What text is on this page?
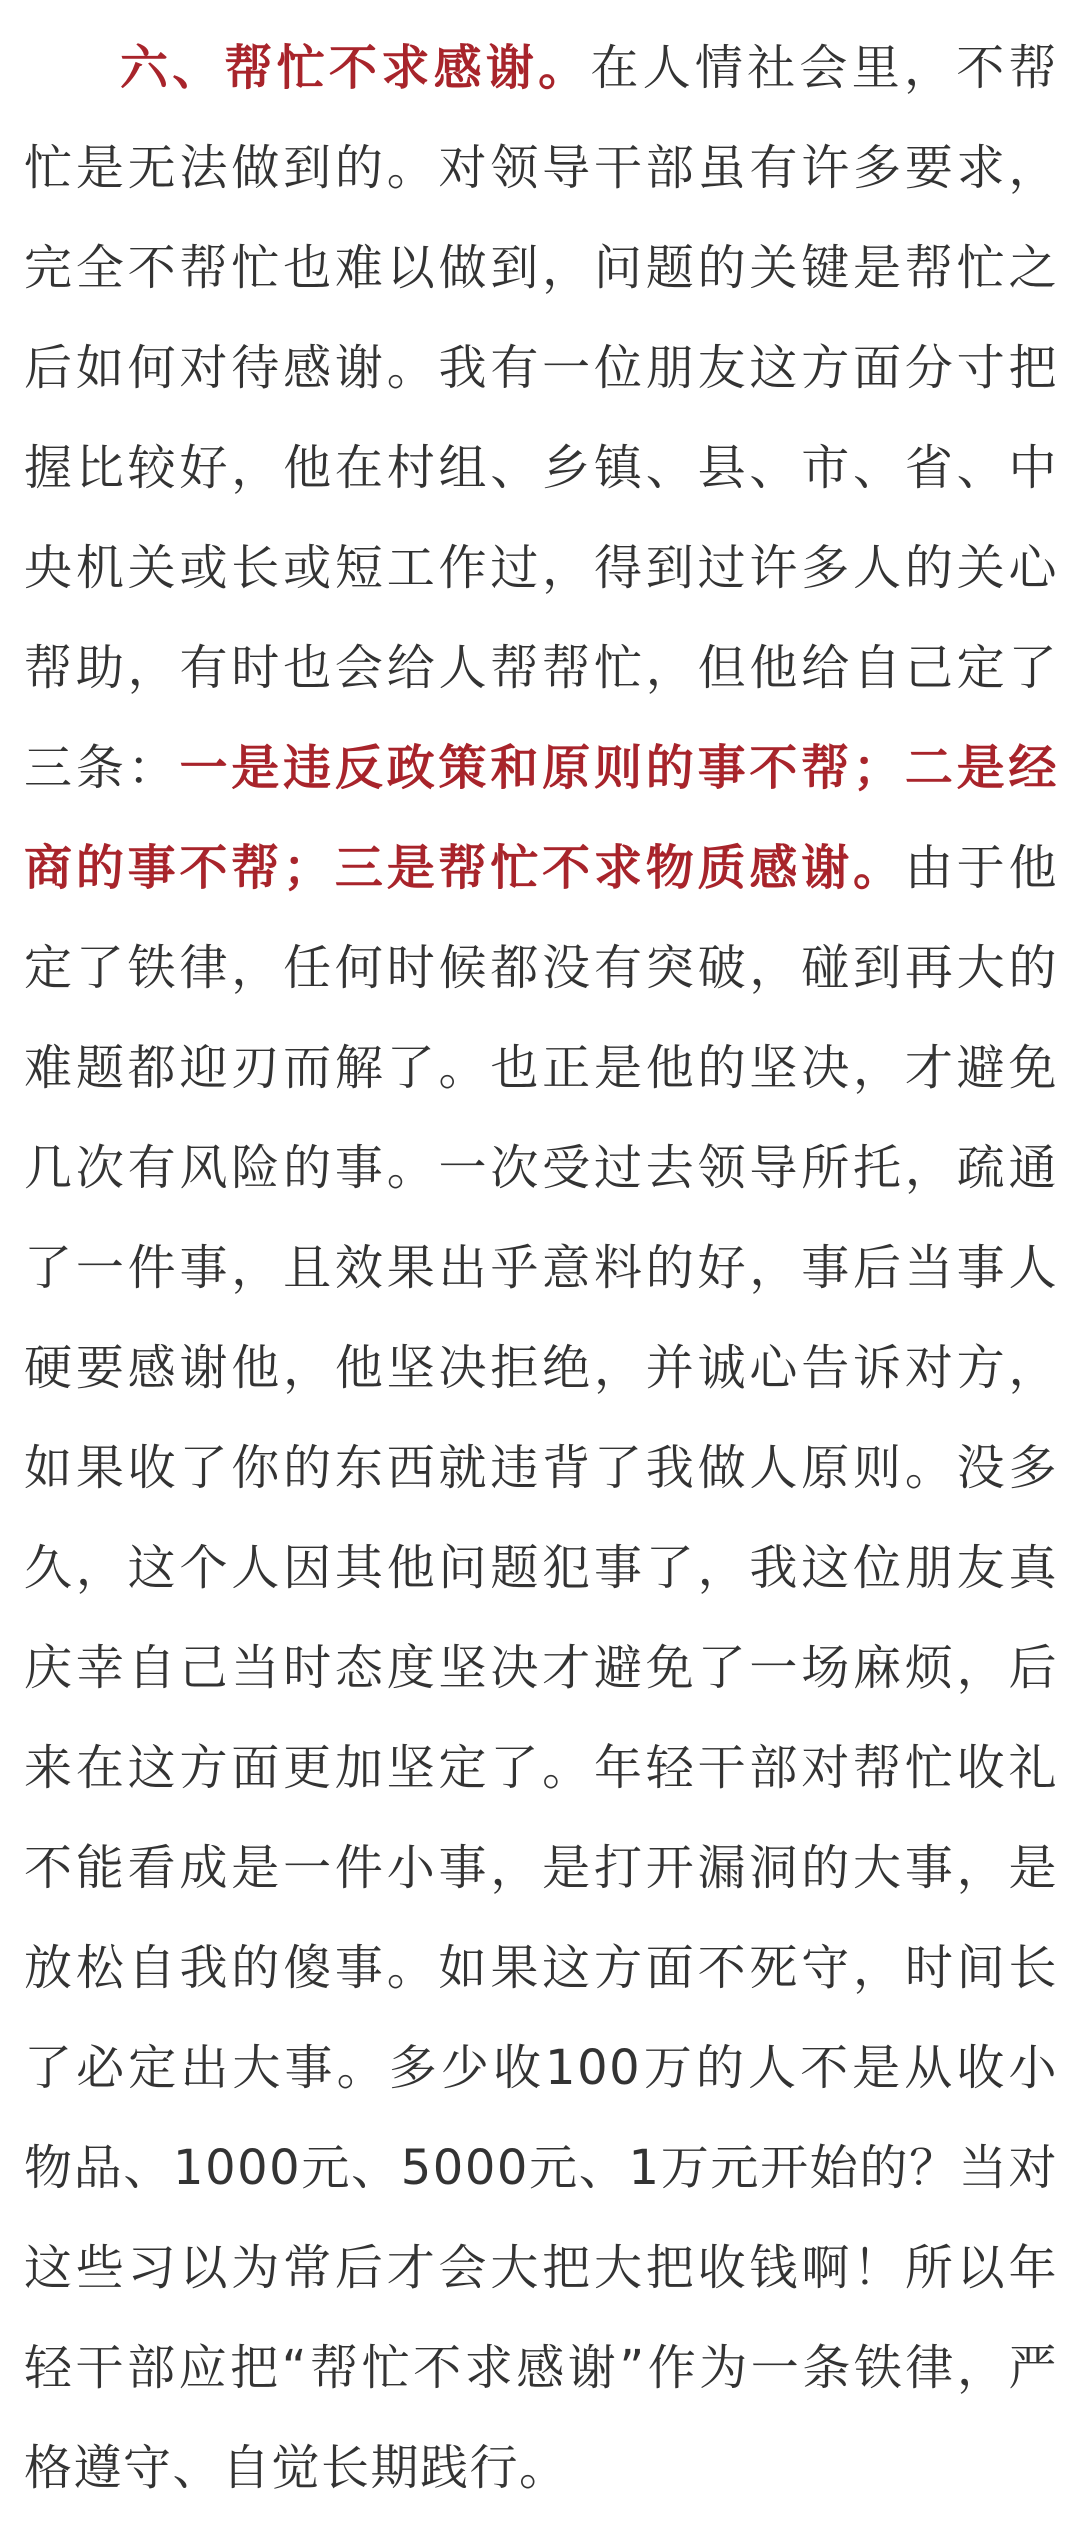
六、帮忙不求感谢。在人情社会里，不帮忙是无法做到的。对领导干部虽有许多要求，完全不帮忙也难以做到，问题的关键是帮忙之后如何对待感谢。我有一位朋友这方面分寸把握比较好，他在村组、乡镇、县、市、省、中央机关或长或短工作过，得到过许多人的关心帮助，有时也会给人帮帮忙，但他给自己定了三条：一是违反政策和原则的事不帮；二是经商的事不帮；三是帮忙不求物质感谢。由于他定了铁律，任何时候都没有突破，碰到再大的难题都迎刃而解了。也正是他的坚决，才避免几次有风险的事。一次受过去领导所托，疏通了一件事，且效果出乎意料的好，事后当事人硬要感谢他，他坚决拒绝，并诚心告诉对方，如果收了你的东西就违背了我做人原则。没多久，这个人因其他问题犯事了，我这位朋友真庆幸自己当时态度坚决才避免了一场麻烦，后来在这方面更加坚定了。年轻干部对帮忙收礼不能看成是一件小事，是打开漏洞的大事，是放松自我的傻事。如果这方面不死守，时间长了必定出大事。多少收100万的人不是从收小物品、1000元、5000元、1万元开始的？当对这些习以为常后才会大把大把收钱啊！所以年轻干部应把“帮忙不求感谢”作为一条铁律，严格遵守、自觉长期践行。
